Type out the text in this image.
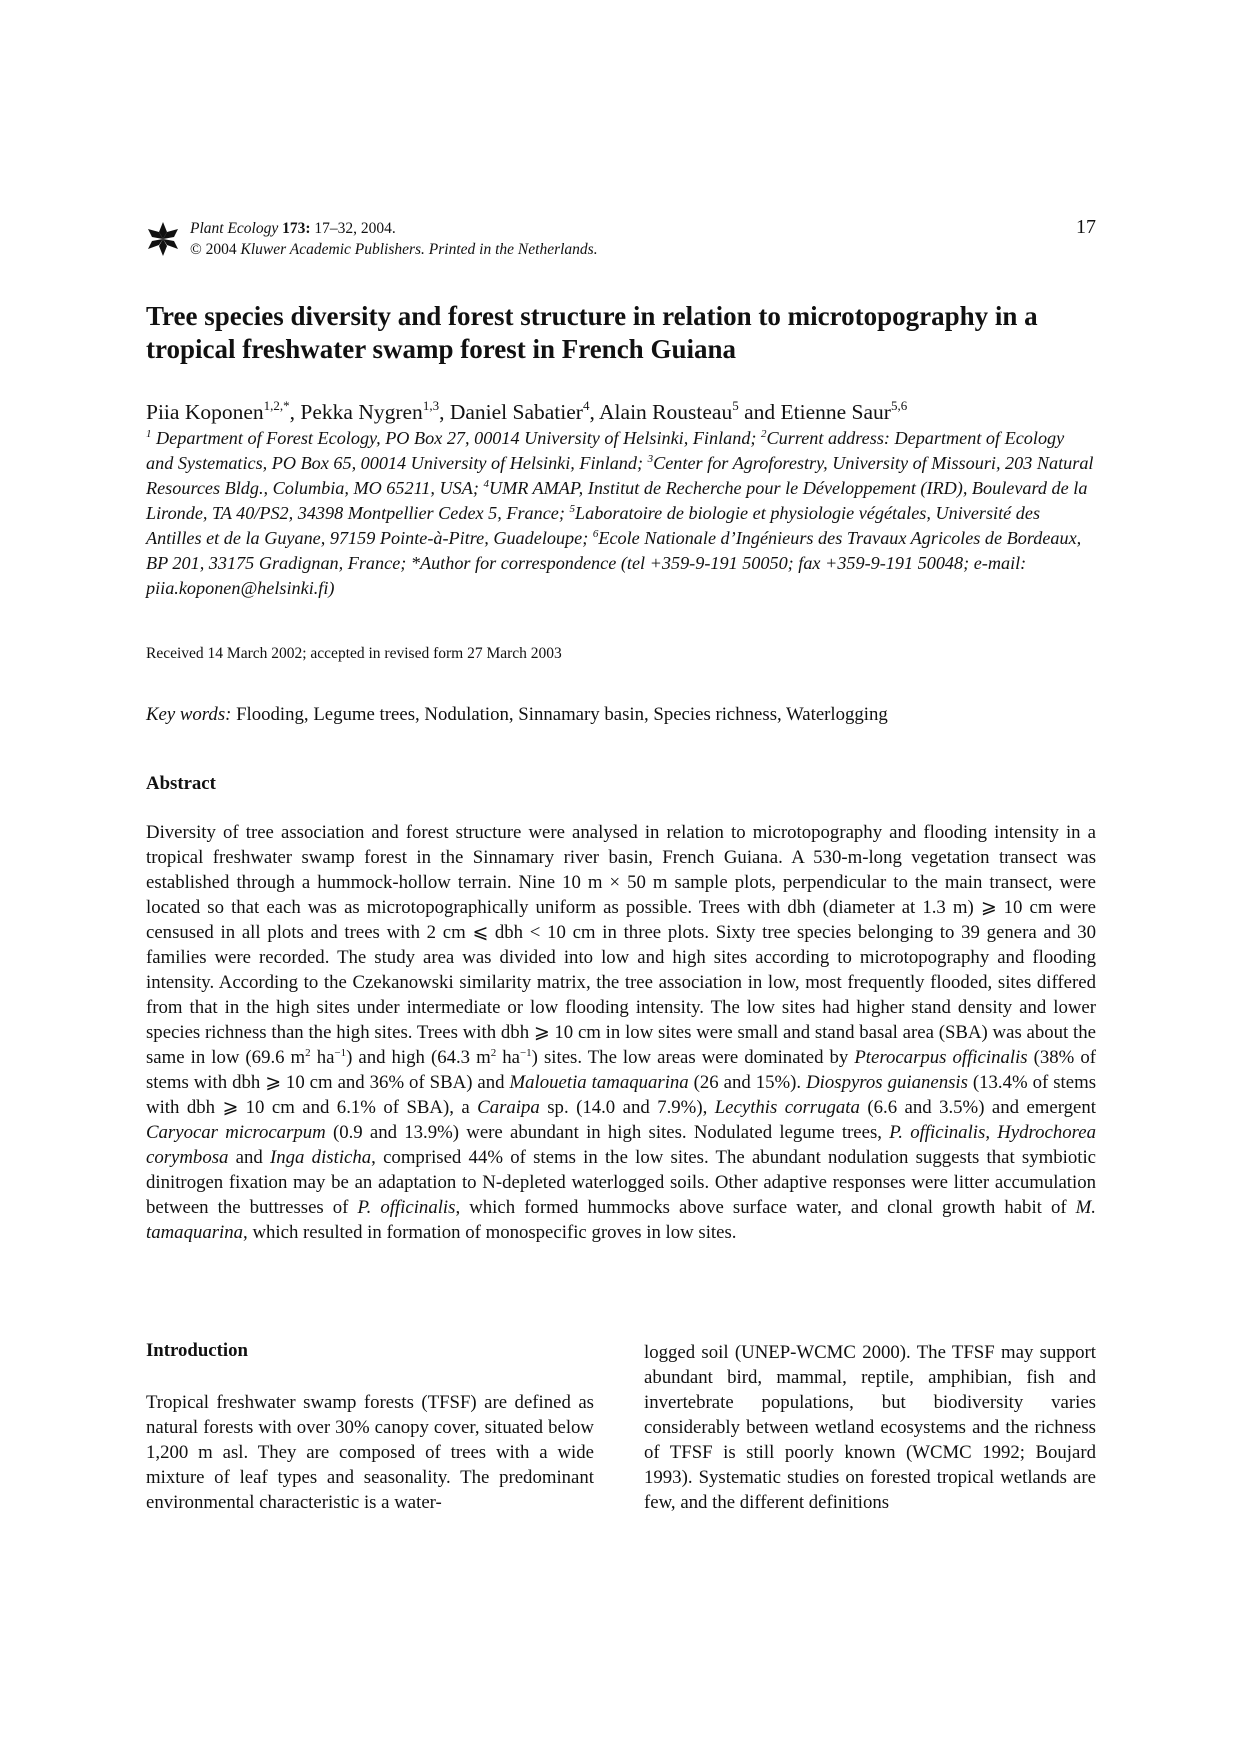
Plant Ecology 173: 17–32, 2004.
© 2004 Kluwer Academic Publishers. Printed in the Netherlands.
17
Tree species diversity and forest structure in relation to microtopography in a tropical freshwater swamp forest in French Guiana
Piia Koponen$^{1,2,*}$, Pekka Nygren$^{1,3}$, Daniel Sabatier$^4$, Alain Rousteau$^5$ and Etienne Saur$^{5,6}$

$^1$ Department of Forest Ecology, PO Box 27, 00014 University of Helsinki, Finland; $^2$Current address: Department of Ecology and Systematics, PO Box 65, 00014 University of Helsinki, Finland; $^3$Center for Agroforestry, University of Missouri, 203 Natural Resources Bldg., Columbia, MO 65211, USA; $^4$UMR AMAP, Institut de Recherche pour le Développement (IRD), Boulevard de la Lironde, TA 40/PS2, 34398 Montpellier Cedex 5, France; $^5$Laboratoire de biologie et physiologie végétales, Université des Antilles et de la Guyane, 97159 Pointe-à-Pitre, Guadeloupe; $^6$Ecole Nationale d’Ingénieurs des Travaux Agricoles de Bordeaux, BP 201, 33175 Gradignan, France; *Author for correspondence (tel +359-9-191 50050; fax +359-9-191 50048; e-mail: piia.koponen@helsinki.fi)

Received 14 March 2002; accepted in revised form 27 March 2003
Key words: Flooding, Legume trees, Nodulation, Sinnamary basin, Species richness, Waterlogging
Abstract

Diversity of tree association and forest structure were analysed in relation to microtopography and flooding intensity in a tropical freshwater swamp forest in the Sinnamary river basin, French Guiana. A 530-m-long vegetation transect was established through a hummock-hollow terrain. Nine 10 m × 50 m sample plots, perpendicular to the main transect, were located so that each was as microtopographically uniform as possible. Trees with dbh (diameter at 1.3 m) ⩾ 10 cm were censused in all plots and trees with 2 cm ⩽ dbh < 10 cm in three plots. Sixty tree species belonging to 39 genera and 30 families were recorded. The study area was divided into low and high sites according to microtopography and flooding intensity. According to the Czekanowski similarity matrix, the tree association in low, most frequently flooded, sites differed from that in the high sites under intermediate or low flooding intensity. The low sites had higher stand density and lower species richness than the high sites. Trees with dbh ⩾ 10 cm in low sites were small and stand basal area (SBA) was about the same in low (69.6 $m^2$ $ha^{-1}$) and high (64.3 $m^2$ $ha^{-1}$) sites. The low areas were dominated by Pterocarpus officinalis (38% of stems with dbh ⩾ 10 cm and 36% of SBA) and Malouetia tamaquarina (26 and 15%). Diospyros guianensis (13.4% of stems with dbh ⩾ 10 cm and 6.1% of SBA), a Caraipa sp. (14.0 and 7.9%), Lecythis corrugata (6.6 and 3.5%) and emergent Caryocar microcarpum (0.9 and 13.9%) were abundant in high sites. Nodulated legume trees, P. officinalis, Hydrochorea corymbosa and Inga disticha, comprised 44% of stems in the low sites. The abundant nodulation suggests that symbiotic dinitrogen fixation may be an adaptation to N-depleted waterlogged soils. Other adaptive responses were litter accumulation between the buttresses of P. officinalis, which formed hummocks above surface water, and clonal growth habit of M. tamaquarina, which resulted in formation of monospecific groves in low sites.

Introduction

Tropical freshwater swamp forests (TFSF) are defined as natural forests with over 30% canopy cover, situated below 1,200 m asl. They are composed of trees with a wide mixture of leaf types and seasonality. The predominant environmental characteristic is a water-

logged soil (UNEP-WCMC 2000). The TFSF may support abundant bird, mammal, reptile, amphibian, fish and invertebrate populations, but biodiversity varies considerably between wetland ecosystems and the richness of TFSF is still poorly known (WCMC 1992; Boujard 1993). Systematic studies on forested tropical wetlands are few, and the different definitions
